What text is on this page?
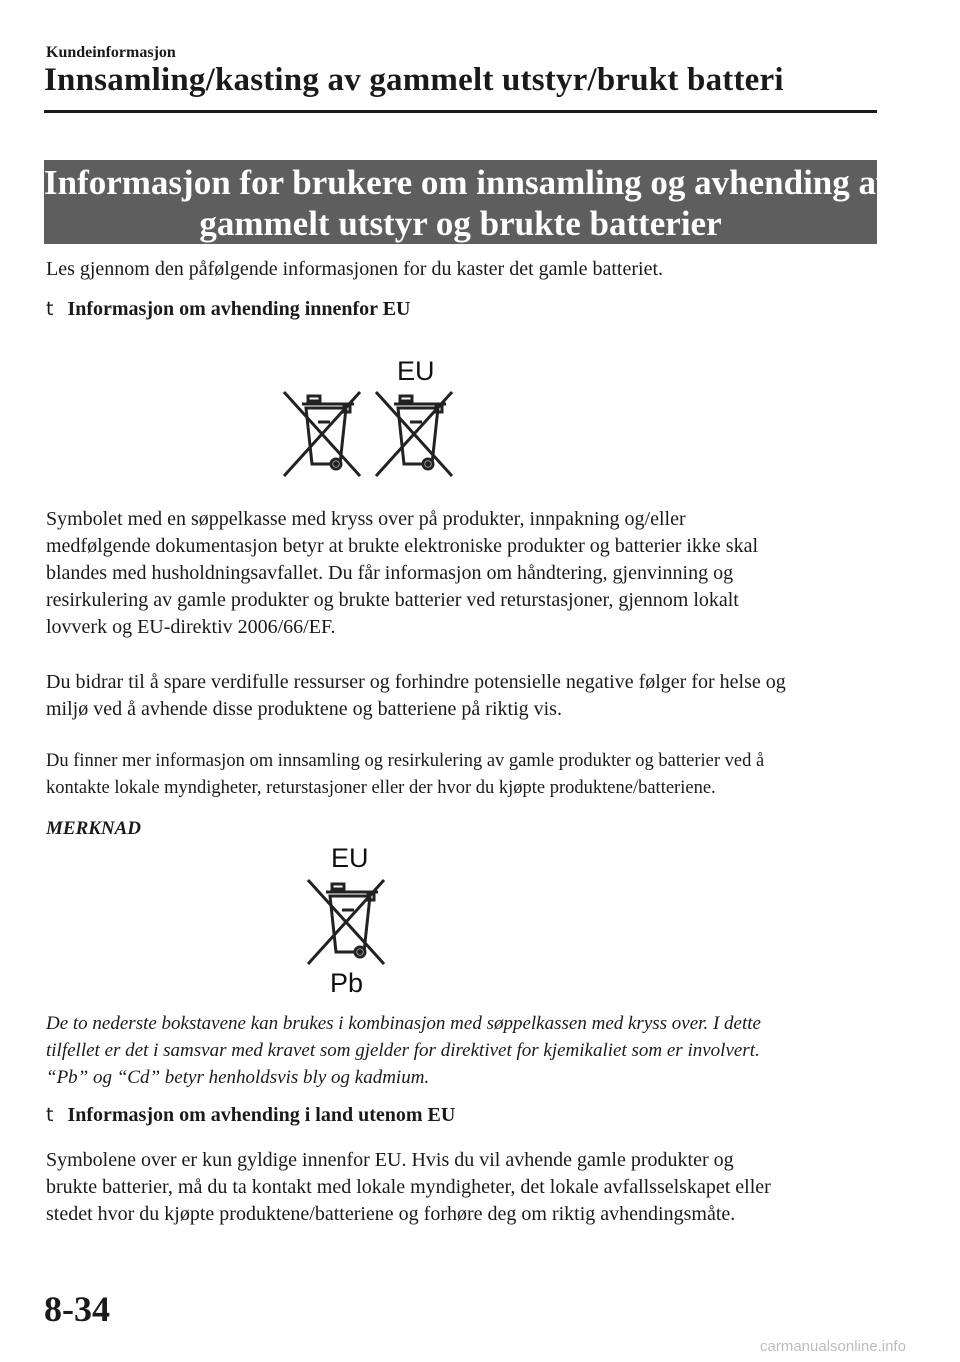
Kundeinformasjon
Innsamling/kasting av gammelt utstyr/brukt batteri
Informasjon for brukere om innsamling og avhending av
gammelt utstyr og brukte batterier
Les gjennom den påfølgende informasjonen for du kaster det gamle batteriet.
t Informasjon om avhending innenfor EU
EU
Symbolet med en søppelkasse med kryss over på produkter, innpakning og/eller
medfølgende dokumentasjon betyr at brukte elektroniske produkter og batterier ikke skal
blandes med husholdningsavfallet. Du får informasjon om håndtering, gjenvinning og
resirkulering av gamle produkter og brukte batterier ved returstasjoner, gjennom lokalt
lovverk og EU-direktiv 2006/66/EF.
Du bidrar til å spare verdifulle ressurser og forhindre potensielle negative følger for helse og
miljø ved å avhende disse produktene og batteriene på riktig vis.
Du finner mer informasjon om innsamling og resirkulering av gamle produkter og batterier ved å
kontakte lokale myndigheter, returstasjoner eller der hvor du kjøpte produktene/batteriene.
MERKNAD
EU
Pb
De to nederste bokstavene kan brukes i kombinasjon med søppelkassen med kryss over. I dette
tilfellet er det i samsvar med kravet som gjelder for direktivet for kjemikaliet som er involvert.
“Pb” og “Cd” betyr henholdsvis bly og kadmium.
t Informasjon om avhending i land utenom EU
Symbolene over er kun gyldige innenfor EU. Hvis du vil avhende gamle produkter og
brukte batterier, må du ta kontakt med lokale myndigheter, det lokale avfallsselskapet eller
stedet hvor du kjøpte produktene/batteriene og forhøre deg om riktig avhendingsmåte.
8-34
carmanualsonline.info
